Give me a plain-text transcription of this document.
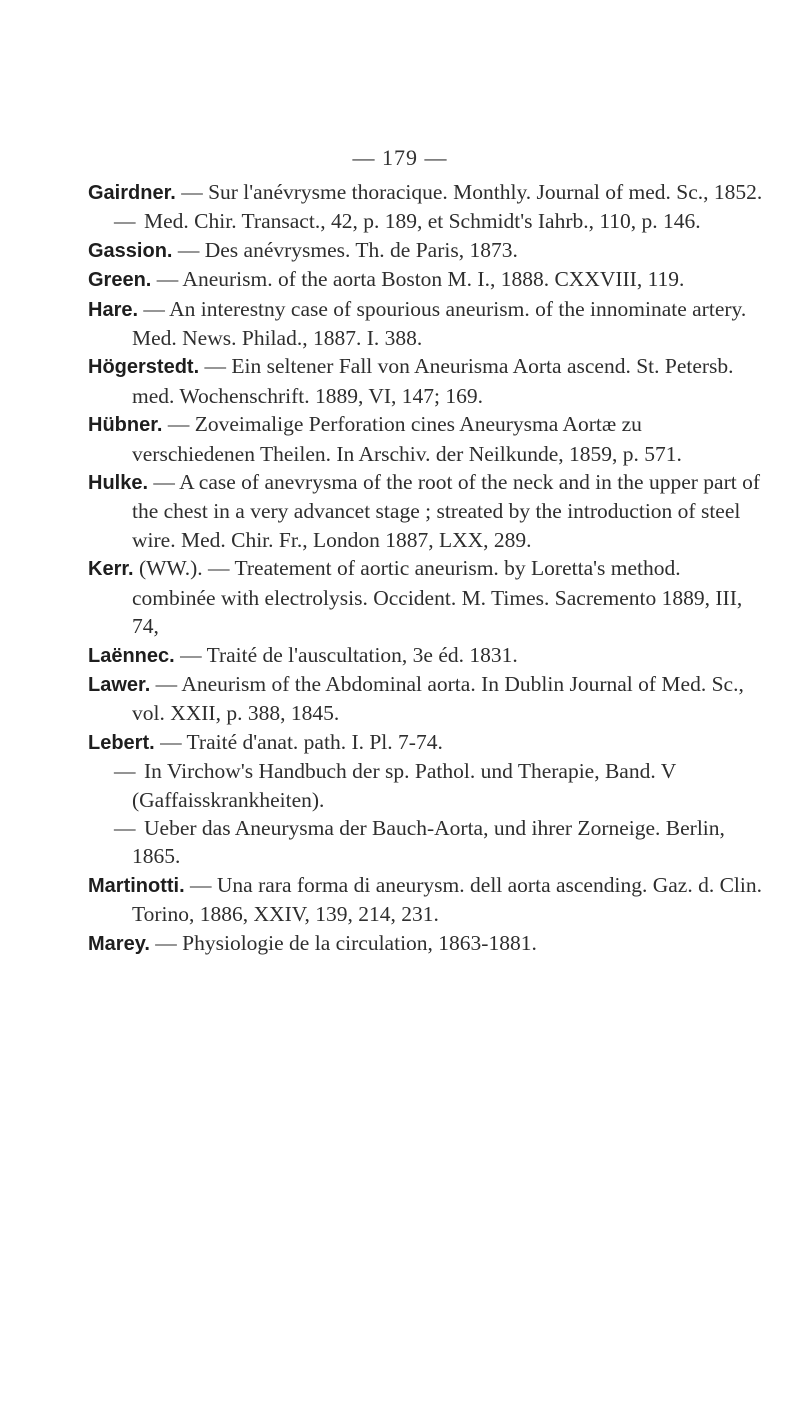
— 179 —

Gairdner. — Sur l'anévrysme thoracique. Monthly. Journal of med. Sc., 1852.

— Med. Chir. Transact., 42, p. 189, et Schmidt's Iahrb., 110, p. 146.

Gassion. — Des anévrysmes. Th. de Paris, 1873.

Green. — Aneurism. of the aorta Boston M. I., 1888. CXXVIII, 119.

Hare. — An interestny case of spourious aneurism. of the innominate artery. Med. News. Philad., 1887. I. 388.

Högerstedt. — Ein seltener Fall von Aneurisma Aorta ascend. St. Petersb. med. Wochenschrift. 1889, VI, 147; 169.

Hübner. — Zoveimalige Perforation cines Aneurysma Aortæ zu verschiedenen Theilen. In Arschiv. der Neilkunde, 1859, p. 571.

Hulke. — A case of anevrysma of the root of the neck and in the upper part of the chest in a very advancet stage ; streated by the introduction of steel wire. Med. Chir. Fr., London 1887, LXX, 289.

Kerr. (WW.). — Treatement of aortic aneurism. by Loretta's method. combinée with electrolysis. Occident. M. Times. Sacremento 1889, III, 74,

Laënnec. — Traité de l'auscultation, 3e éd. 1831.

Lawer. — Aneurism of the Abdominal aorta. In Dublin Journal of Med. Sc., vol. XXII, p. 388, 1845.

Lebert. — Traité d'anat. path. I. Pl. 7-74.

— In Virchow's Handbuch der sp. Pathol. und Therapie, Band. V (Gaffaisskrankheiten).

— Ueber das Aneurysma der Bauch-Aorta, und ihrer Zorneige. Berlin, 1865.

Martinotti. — Una rara forma di aneurysm. dell aorta ascending. Gaz. d. Clin. Torino, 1886, XXIV, 139, 214, 231.

Marey. — Physiologie de la circulation, 1863-1881.
